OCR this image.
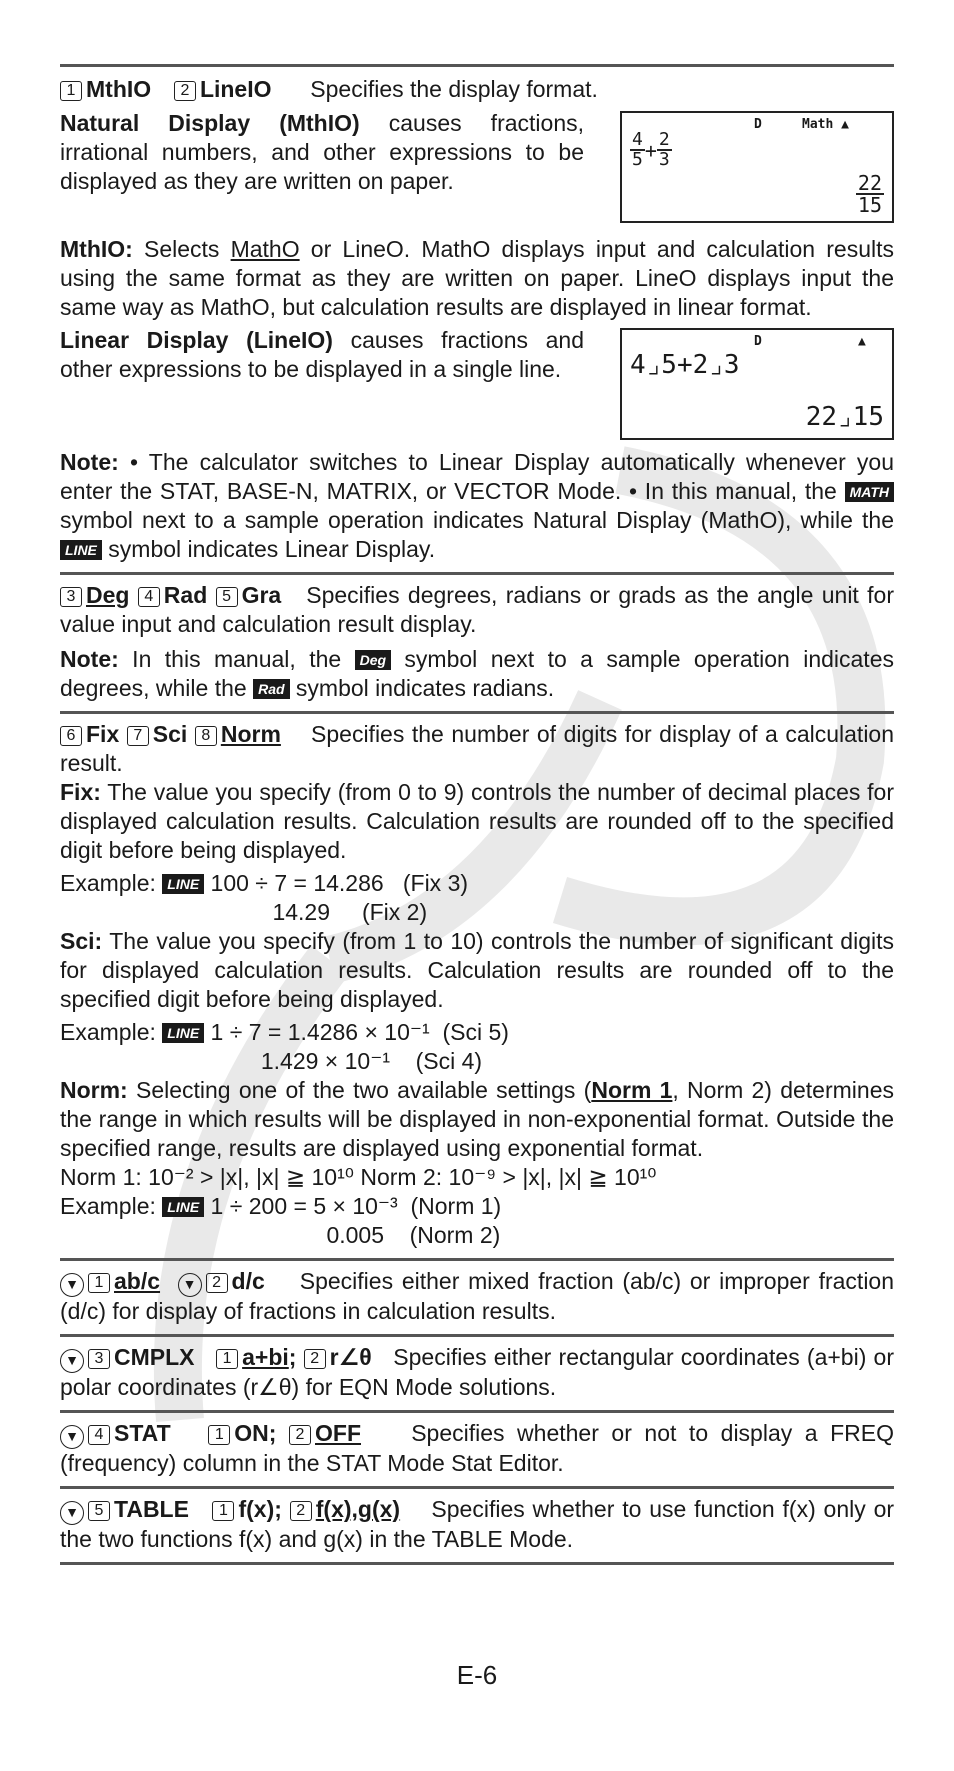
1 MthIO 2 LineIO Specifies the display format.

Natural Display (MthIO) causes fractions, irrational numbers, and other expressions to be displayed as they are written on paper.

D	Math ▲
$\frac{4}{5} + \frac{2}{3}$
$\frac{22}{15}$

MthIO: Selects MathO or LineO. MathO displays input and calculation results using the same format as they are written on paper. LineO displays input the same way as MathO, but calculation results are displayed in linear format.

Linear Display (LineIO) causes fractions and other expressions to be displayed in a single line.

D	▲
4⌟5+2⌟3
22⌟15

Note: • The calculator switches to Linear Display automatically whenever you enter the STAT, BASE-N, MATRIX, or VECTOR Mode. • In this manual, the MATH symbol next to a sample operation indicates Natural Display (MathO), while the LINE symbol indicates Linear Display.

3 Deg 4 Rad 5 Gra Specifies degrees, radians or grads as the angle unit for value input and calculation result display.

Note: In this manual, the Deg symbol next to a sample operation indicates degrees, while the Rad symbol indicates radians.

6 Fix 7 Sci 8 Norm Specifies the number of digits for display of a calculation result.

Fix: The value you specify (from 0 to 9) controls the number of decimal places for displayed calculation results. Calculation results are rounded off to the specified digit before being displayed.

Example: LINE 100 ÷ 7 = 14.286 (Fix 3)
14.29 (Fix 2)

Sci: The value you specify (from 1 to 10) controls the number of significant digits for displayed calculation results. Calculation results are rounded off to the specified digit before being displayed.

Example: LINE 1 ÷ 7 = 1.4286 × 10⁻¹ (Sci 5)
1.429 × 10⁻¹ (Sci 4)

Norm: Selecting one of the two available settings (Norm 1, Norm 2) determines the range in which results will be displayed in non-exponential format. Outside the specified range, results are displayed using exponential format.

Norm 1: 10⁻² > |x|, |x| ≧ 10¹⁰ Norm 2: 10⁻⁹ > |x|, |x| ≧ 10¹⁰
Example: LINE 1 ÷ 200 = 5 × 10⁻³ (Norm 1)
0.005 (Norm 2)

▼ 1 ab/c ▼ 2 d/c Specifies either mixed fraction (ab/c) or improper fraction (d/c) for display of fractions in calculation results.

▼ 3 CMPLX 1 a+bi; 2 r∠θ Specifies either rectangular coordinates (a+bi) or polar coordinates (r∠θ) for EQN Mode solutions.

▼ 4 STAT	1 ON; 2 OFF Specifies whether or not to display a FREQ (frequency) column in the STAT Mode Stat Editor.

▼ 5 TABLE 1 f(x); 2 f(x),g(x) Specifies whether to use function f(x) only or the two functions f(x) and g(x) in the TABLE Mode.

E-6
